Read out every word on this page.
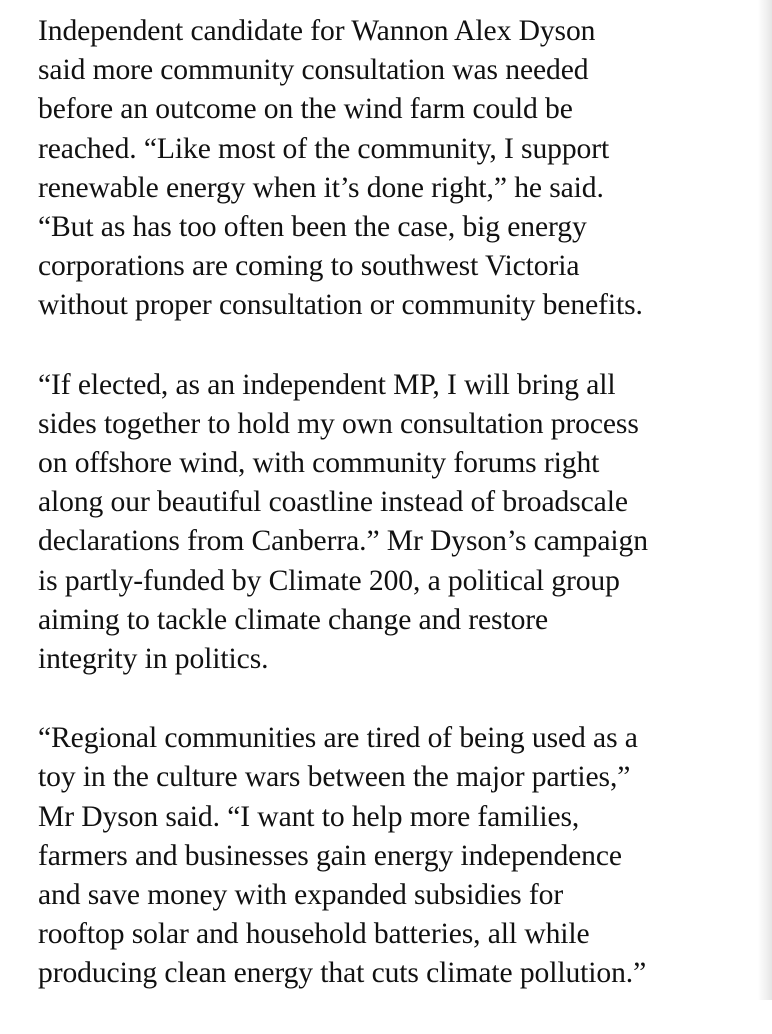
Independent candidate for Wannon Alex Dyson
said more community consultation was needed
before an outcome on the wind farm could be
reached. “Like most of the community, I support
renewable energy when it’s done right,” he said.
“But as has too often been the case, big energy
corporations are coming to southwest Victoria
without proper consultation or community benefits.

“If elected, as an independent MP, I will bring all
sides together to hold my own consultation process
on offshore wind, with community forums right
along our beautiful coastline instead of broadscale
declarations from Canberra.” Mr Dyson’s campaign
is partly-funded by Climate 200, a political group
aiming to tackle climate change and restore
integrity in politics.

“Regional communities are tired of being used as a
toy in the culture wars between the major parties,”
Mr Dyson said. “I want to help more families,
farmers and businesses gain energy independence
and save money with expanded subsidies for
rooftop solar and household batteries, all while
producing clean energy that cuts climate pollution.”
